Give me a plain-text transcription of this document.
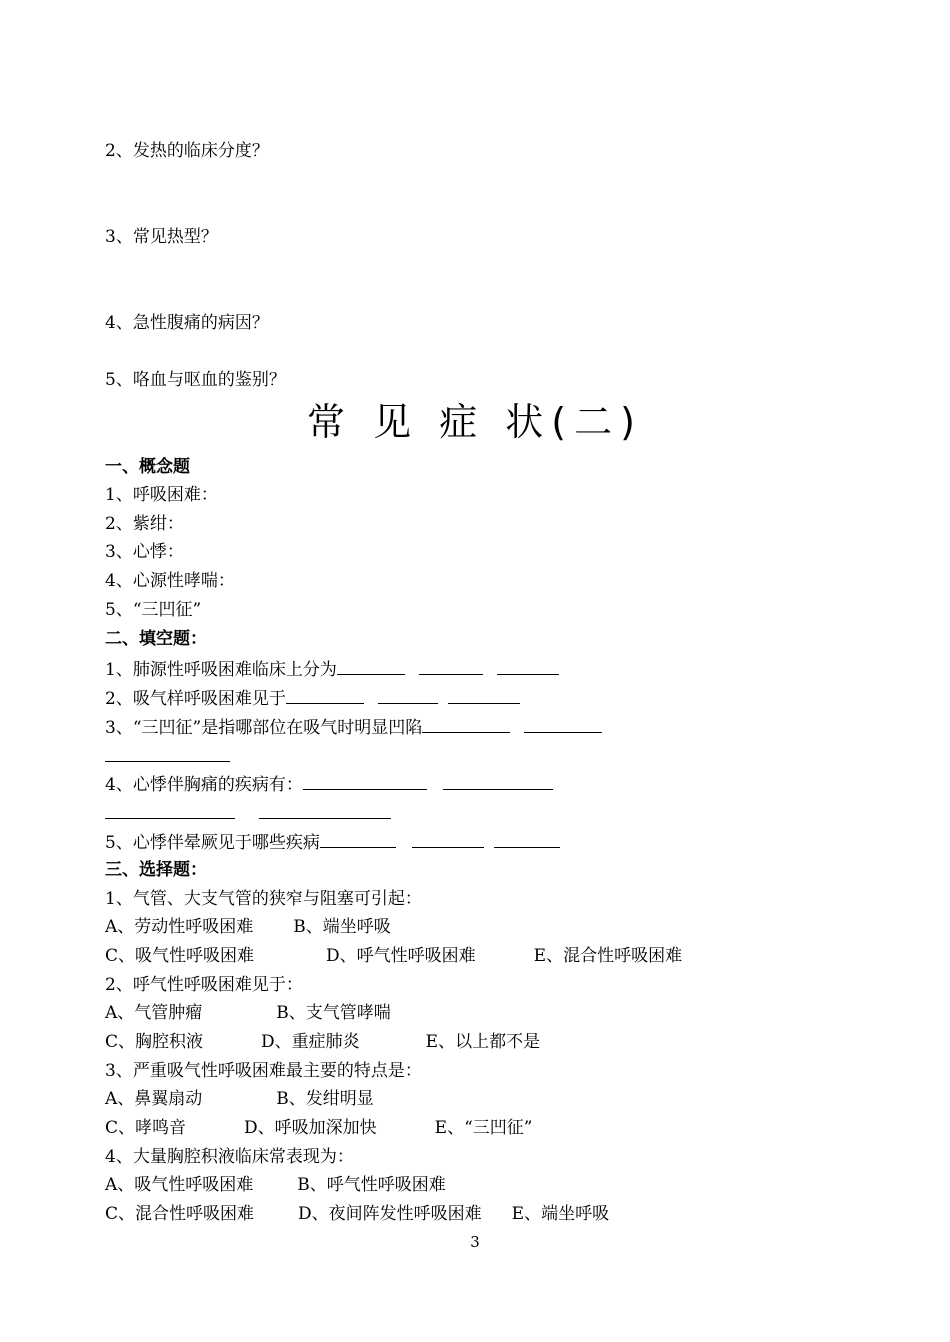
2、发热的临床分度？
3、常见热型？
4、急性腹痛的病因？
5、咯血与呕血的鉴别？
常 见 症 状(二)
一、概念题
1、呼吸困难：
2、紫绀：
3、心悸：
4、心源性哮喘：
5、“三凹征”
二、填空题：
1、肺源性呼吸困难临床上分为
2、吸气样呼吸困难见于
3、“三凹征”是指哪部位在吸气时明显凹陷
4、心悸伴胸痛的疾病有：
5、心悸伴晕厥见于哪些疾病
三、选择题：
1、气管、大支气管的狭窄与阻塞可引起：
A、劳动性呼吸困难 B、端坐呼吸
C、吸气性呼吸困难	D、呼气性呼吸困难	E、混合性呼吸困难
2、呼气性呼吸困难见于：
A、气管肿瘤	B、支气管哮喘
C、胸腔积液	D、重症肺炎	E、以上都不是
3、严重吸气性呼吸困难最主要的特点是：
A、鼻翼扇动	B、发绀明显
C、哮鸣音	D、呼吸加深加快	E、“三凹征”
4、大量胸腔积液临床常表现为：
A、吸气性呼吸困难	B、呼气性呼吸困难
C、混合性呼吸困难	D、夜间阵发性呼吸困难 E、端坐呼吸
3
